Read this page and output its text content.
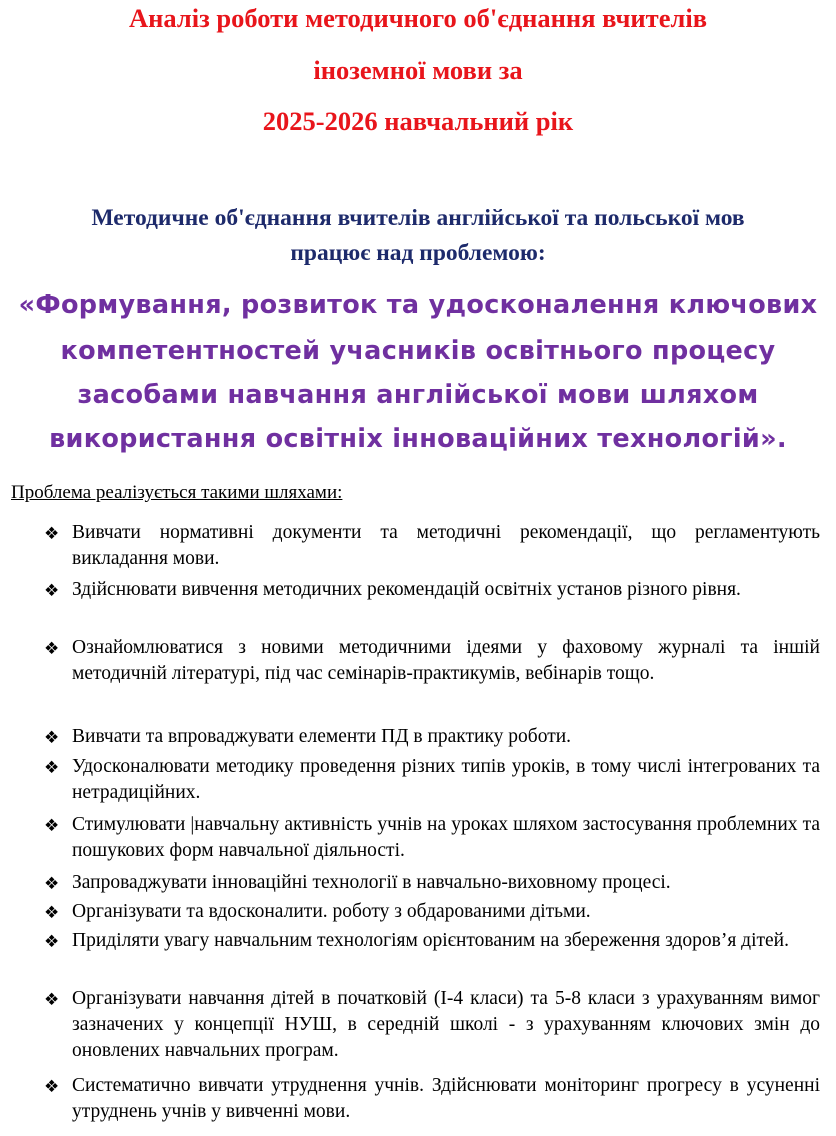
Аналіз роботи методичного об'єднання вчителів
іноземної мови за
2025-2026 навчальний рік

Методичне об'єднання вчителів англійської та польської мов

працює над проблемою:

«Формування, розвиток та удосконалення ключових

компетентностей учасників освітнього процесу

засобами навчання англійської мови шляхом

використання освітніх інноваційних технологій».

Проблема реалізується такими шляхами:

❖ Вивчати нормативні документи та методичні рекомендації, що регламентують викладання мови.

❖ Здійснювати вивчення методичних рекомендацій освітніх установ різного рівня.

❖ Ознайомлюватися з новими методичними ідеями у фаховому журналі та іншій методичній літературі, під час семінарів-практикумів, вебінарів тощо.

❖ Вивчати та впроваджувати елементи ПД в практику роботи.

❖ Удосконалювати методику проведення різних типів уроків, в тому числі інтегрованих та нетрадиційних.

❖ Стимулювати |навчальну активність учнів на уроках шляхом застосування проблемних та пошукових форм навчальної діяльності.

❖ Запроваджувати інноваційні технології в навчально-виховному процесі.

❖ Організувати та вдосконалити. роботу з обдарованими дітьми.

❖ Приділяти увагу навчальним технологіям орієнтованим на збереження здоров’я дітей.

❖ Організувати навчання дітей в початковій (І-4 класи) та 5-8 класи з урахуванням вимог зазначених у концепції НУШ, в середній школі - з урахуванням ключових змін до оновлених навчальних програм.

❖ Систематично вивчати утруднення учнів. Здійснювати моніторинг прогресу в усуненні утруднень учнів у вивченні мови.
